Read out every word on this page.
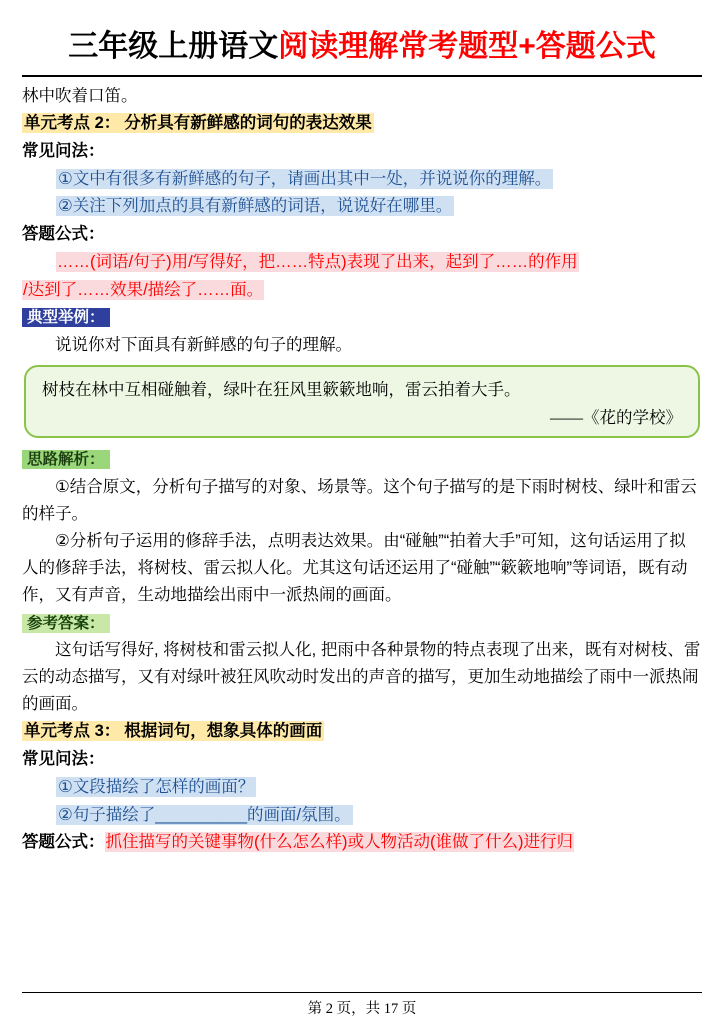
三年级上册语文阅读理解常考题型+答题公式
林中吹着口笛。
单元考点 2： 分析具有新鲜感的词句的表达效果
常见问法：
①文中有很多有新鲜感的句子，请画出其中一处，并说说你的理解。
②关注下列加点的具有新鲜感的词语，说说好在哪里。
答题公式：
……(词语/句子)用/写得好，把……特点)表现了出来，起到了……的作用
/达到了……效果/描绘了……面。
典型举例：
说说你对下面具有新鲜感的句子的理解。
树枝在林中互相碰触着，绿叶在狂风里簌簌地响，雷云拍着大手。
——《花的学校》
思路解析：
①结合原文，分析句子描写的对象、场景等。这个句子描写的是下雨时树枝、绿叶和雷云的样子。
②分析句子运用的修辞手法，点明表达效果。由“碰触”“拍着大手”可知，这句话运用了拟人的修辞手法，将树枝、雷云拟人化。尤其这句话还运用了“碰触”“簌簌地响”等词语，既有动作，又有声音，生动地描绘出雨中一派热闹的画面。
参考答案：
这句话写得好, 将树枝和雷云拟人化, 把雨中各种景物的特点表现了出来，既有对树枝、雷云的动态描写，又有对绿叶被狂风吹动时发出的声音的描写，更加生动地描绘了雨中一派热闹的画面。
单元考点 3： 根据词句，想象具体的画面
常见问法：
①文段描绘了怎样的画面？
②句子描绘了__________的画面/氛围。
答题公式：抓住描写的关键事物(什么怎么样)或人物活动(谁做了什么)进行归
第 2 页，共 17 页
